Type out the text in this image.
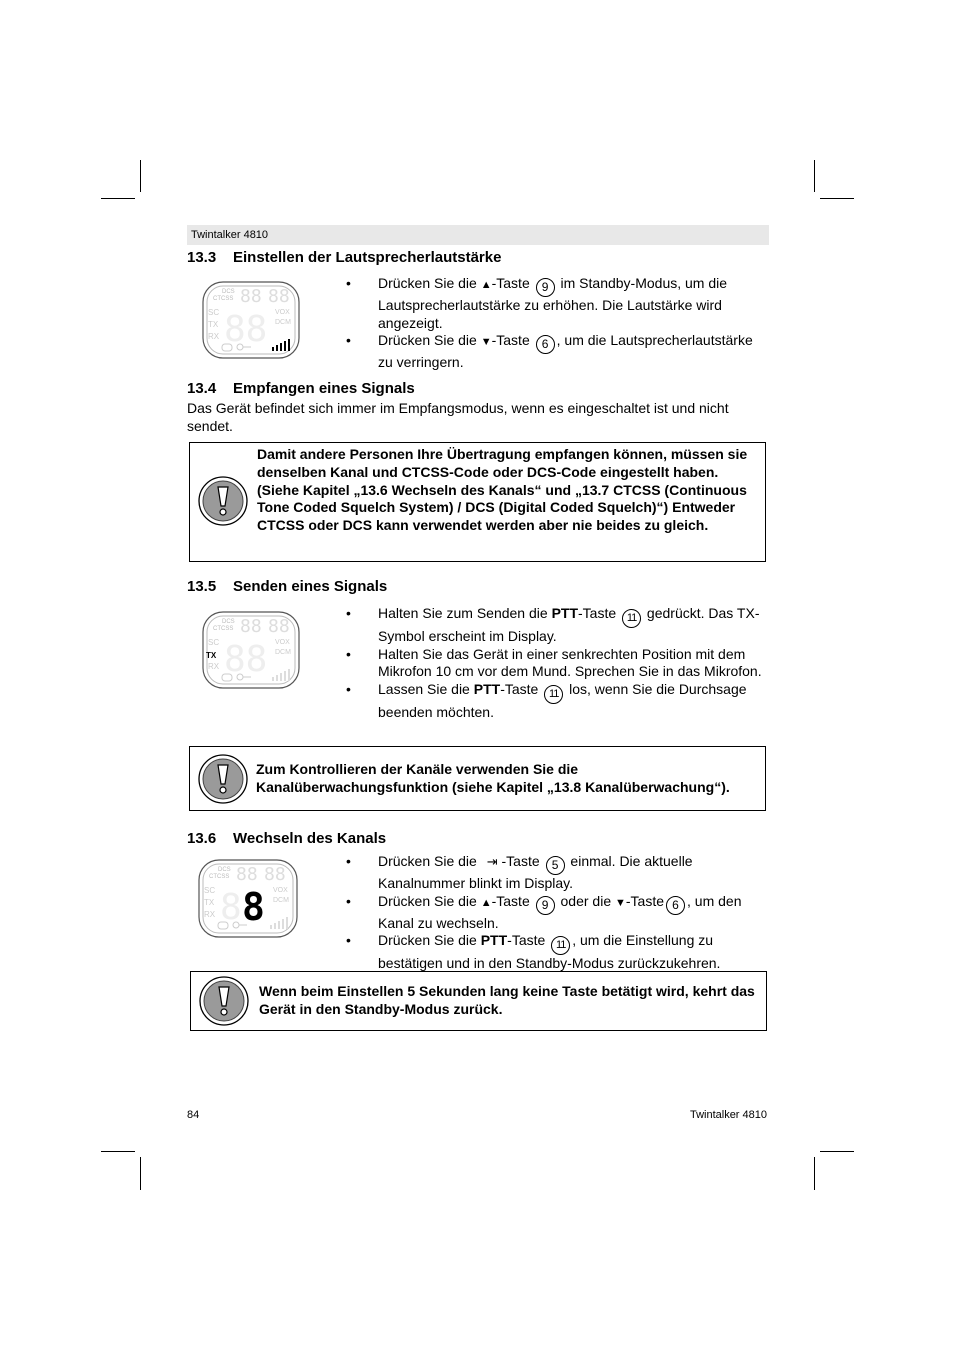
Twintalker 4810
13.3 Einstellen der Lautsprecherlautstärke
DCS
CTCSS 88 88
SC
TX
RX 88 VOX
DCM
• Drücken Sie die ▲-Taste 9 im Standby-Modus, um die Lautsprecherlautstärke zu erhöhen. Die Lautstärke wird angezeigt.
• Drücken Sie die ▼-Taste 6 , um die Lautsprecherlautstärke zu verringern.
13.4 Empfangen eines Signals
Das Gerät befindet sich immer im Empfangsmodus, wenn es eingeschaltet ist und nicht sendet.
Damit andere Personen Ihre Übertragung empfangen können, müssen sie denselben Kanal und CTCSS-Code oder DCS-Code eingestellt haben. (Siehe Kapitel „13.6 Wechseln des Kanals“ und „13.7 CTCSS (Continuous Tone Coded Squelch System) / DCS (Digital Coded Squelch)“) Entweder CTCSS oder DCS kann verwendet werden aber nie beides zu gleich.
13.5 Senden eines Signals
DCS
CTCSS 88 88
SC
TX
RX 88 VOX
DCM
• Halten Sie zum Senden die PTT-Taste 11 gedrückt. Das TX-Symbol erscheint im Display.
• Halten Sie das Gerät in einer senkrechten Position mit dem Mikrofon 10 cm vor dem Mund. Sprechen Sie in das Mikrofon.
• Lassen Sie die PTT-Taste 11 los, wenn Sie die Durchsage beenden möchten.
Zum Kontrollieren der Kanäle verwenden Sie die Kanalüberwachungsfunktion (siehe Kapitel „13.8 Kanalüberwachung“).
13.6 Wechseln des Kanals
DCS
CTCSS 88 88
SC
TX
RX 8 8 VOX
DCM
• Drücken Sie die ⇥ -Taste 5 einmal. Die aktuelle Kanalnummer blinkt im Display.
• Drücken Sie die ▲-Taste 9 oder die ▼-Taste 6 , um den Kanal zu wechseln.
• Drücken Sie die PTT-Taste 11 , um die Einstellung zu bestätigen und in den Standby-Modus zurückzukehren.
Wenn beim Einstellen 5 Sekunden lang keine Taste betätigt wird, kehrt das Gerät in den Standby-Modus zurück.
84	Twintalker 4810
